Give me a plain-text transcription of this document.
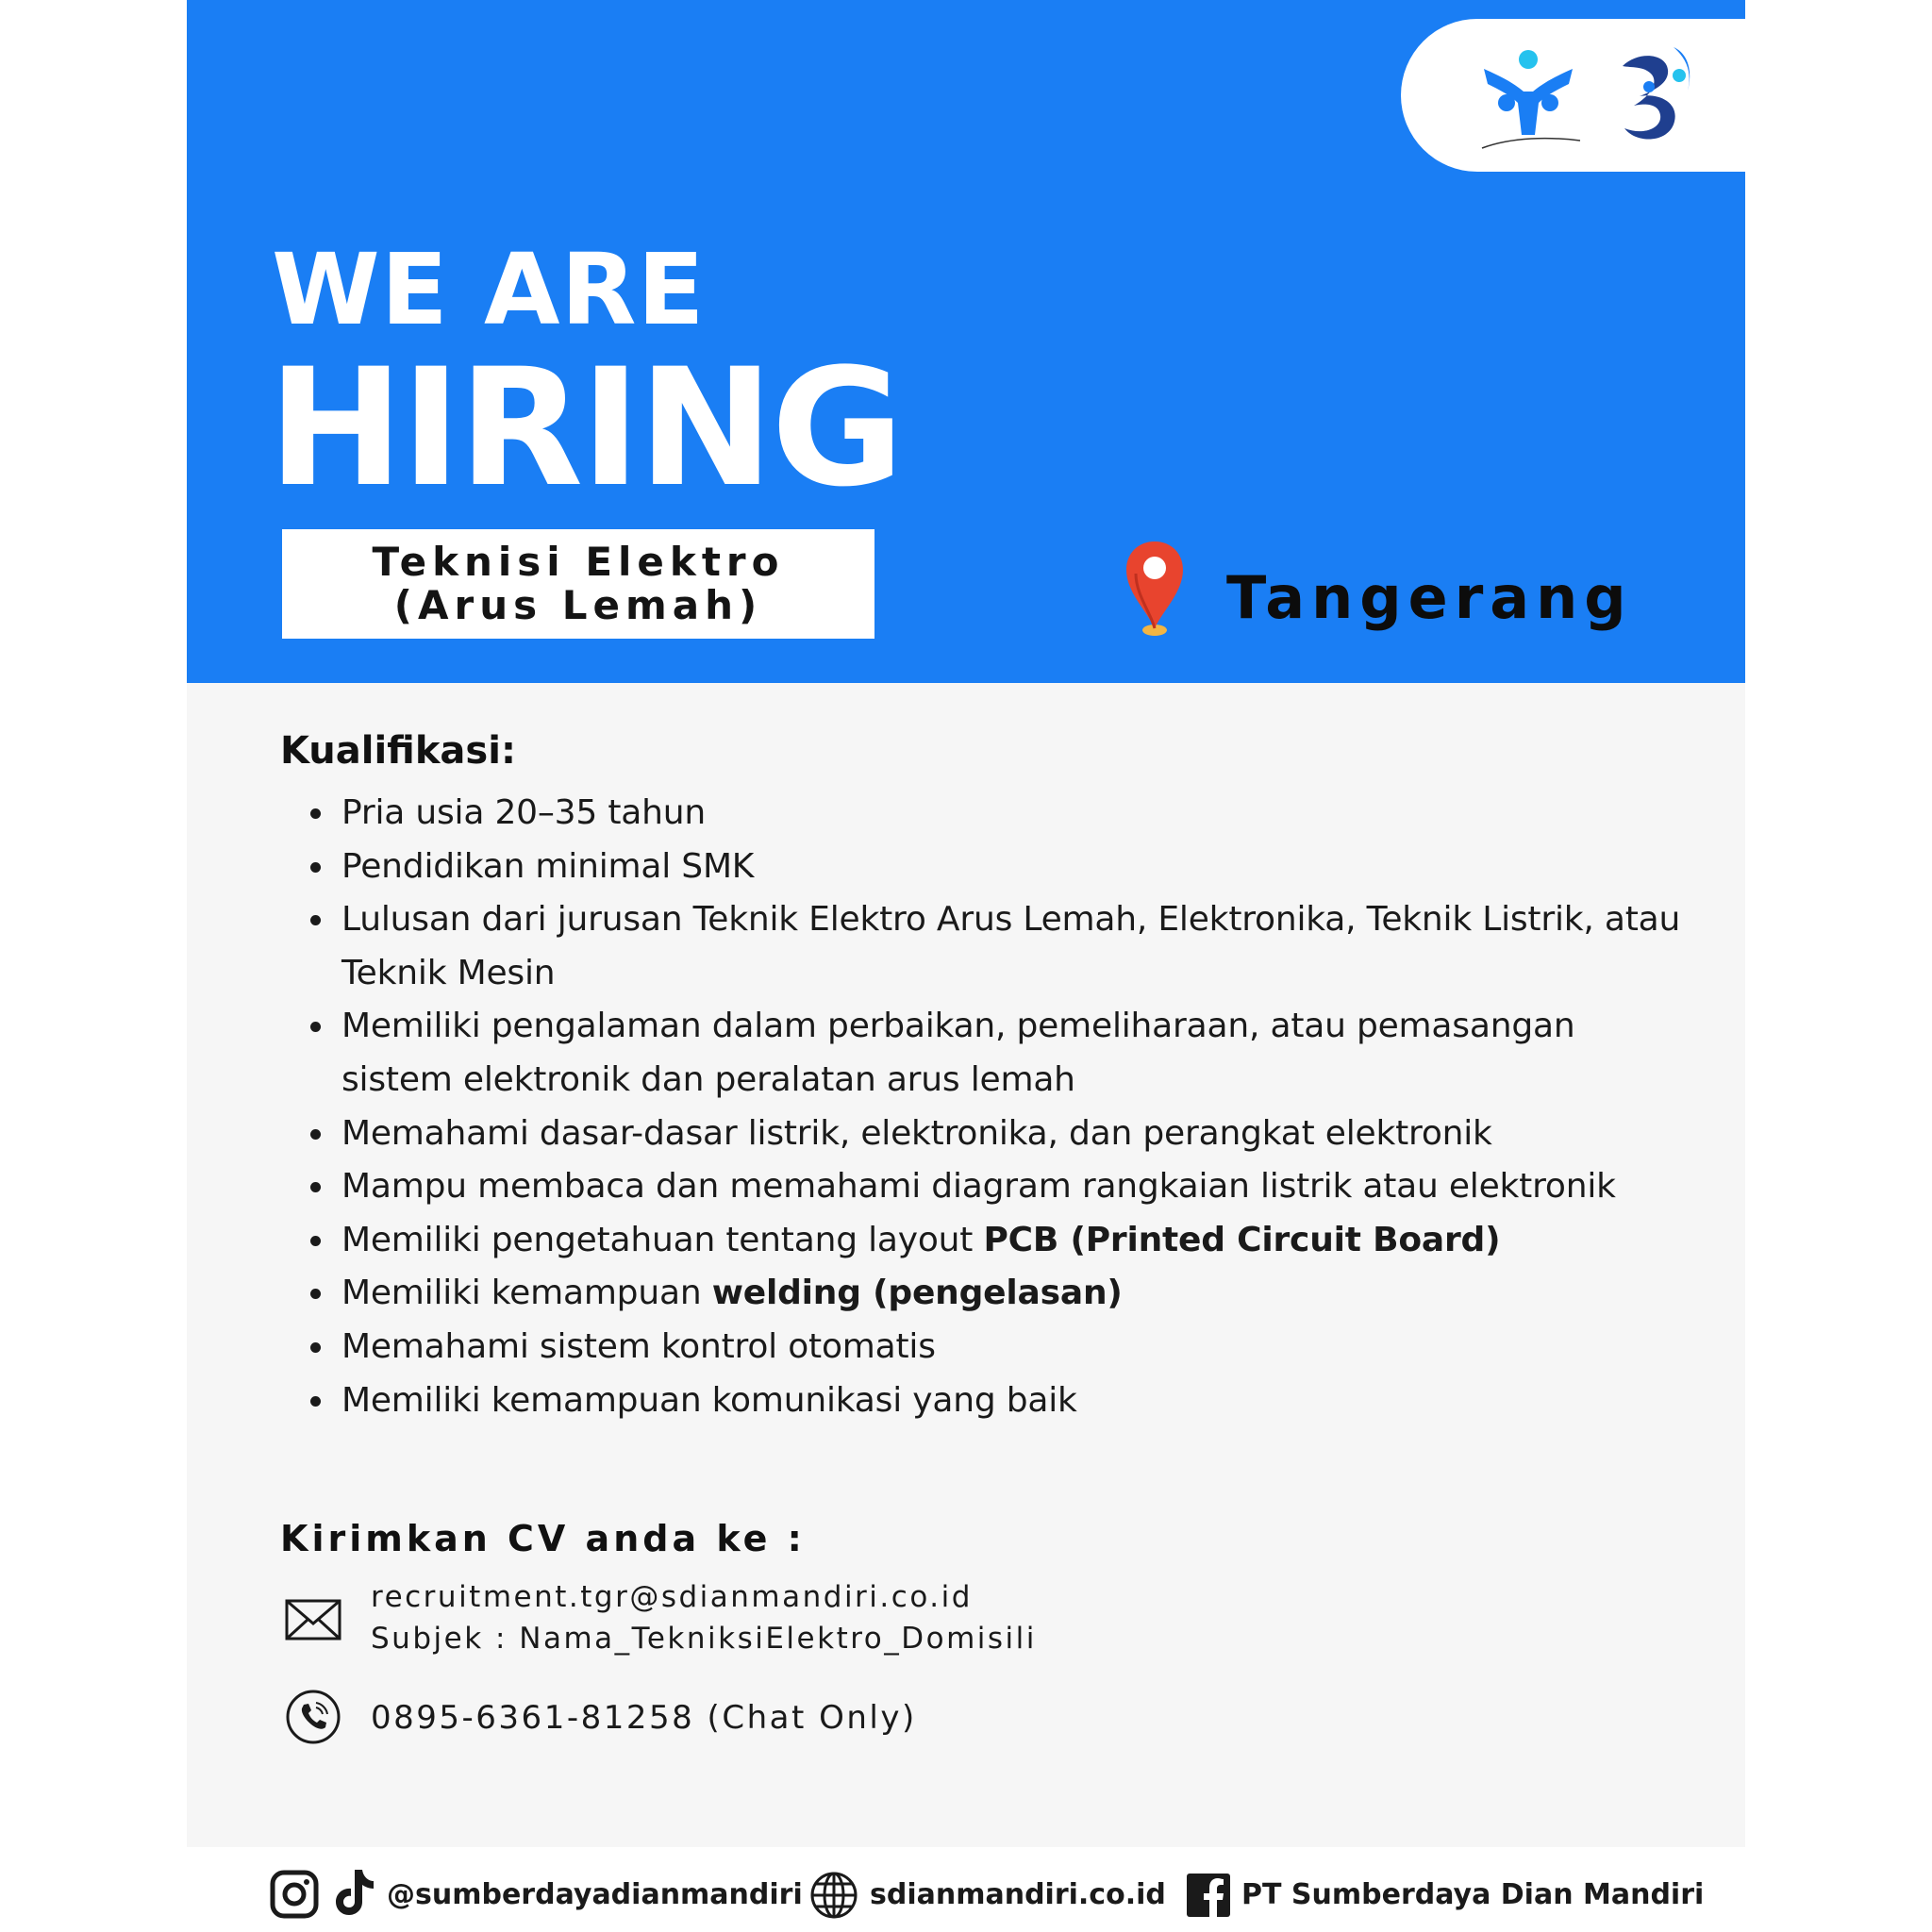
WE ARE
HIRING
Teknisi Elektro
(Arus Lemah)	Tangerang
Kualifikasi:
Pria usia 20–35 tahun
Pendidikan minimal SMK
Lulusan dari jurusan Teknik Elektro Arus Lemah, Elektronika, Teknik Listrik, atau Teknik Mesin
Memiliki pengalaman dalam perbaikan, pemeliharaan, atau pemasangan sistem elektronik dan peralatan arus lemah
Memahami dasar-dasar listrik, elektronika, dan perangkat elektronik
Mampu membaca dan memahami diagram rangkaian listrik atau elektronik
Memiliki pengetahuan tentang layout PCB (Printed Circuit Board)
Memiliki kemampuan welding (pengelasan)
Memahami sistem kontrol otomatis
Memiliki kemampuan komunikasi yang baik
Kirimkan CV anda ke :
recruitment.tgr@sdianmandiri.co.id
Subjek : Nama_TekniksiElektro_Domisili
0895-6361-81258 (Chat Only)
@sumberdayadianmandiri sdianmandiri.co.id	PT Sumberdaya Dian Mandiri
